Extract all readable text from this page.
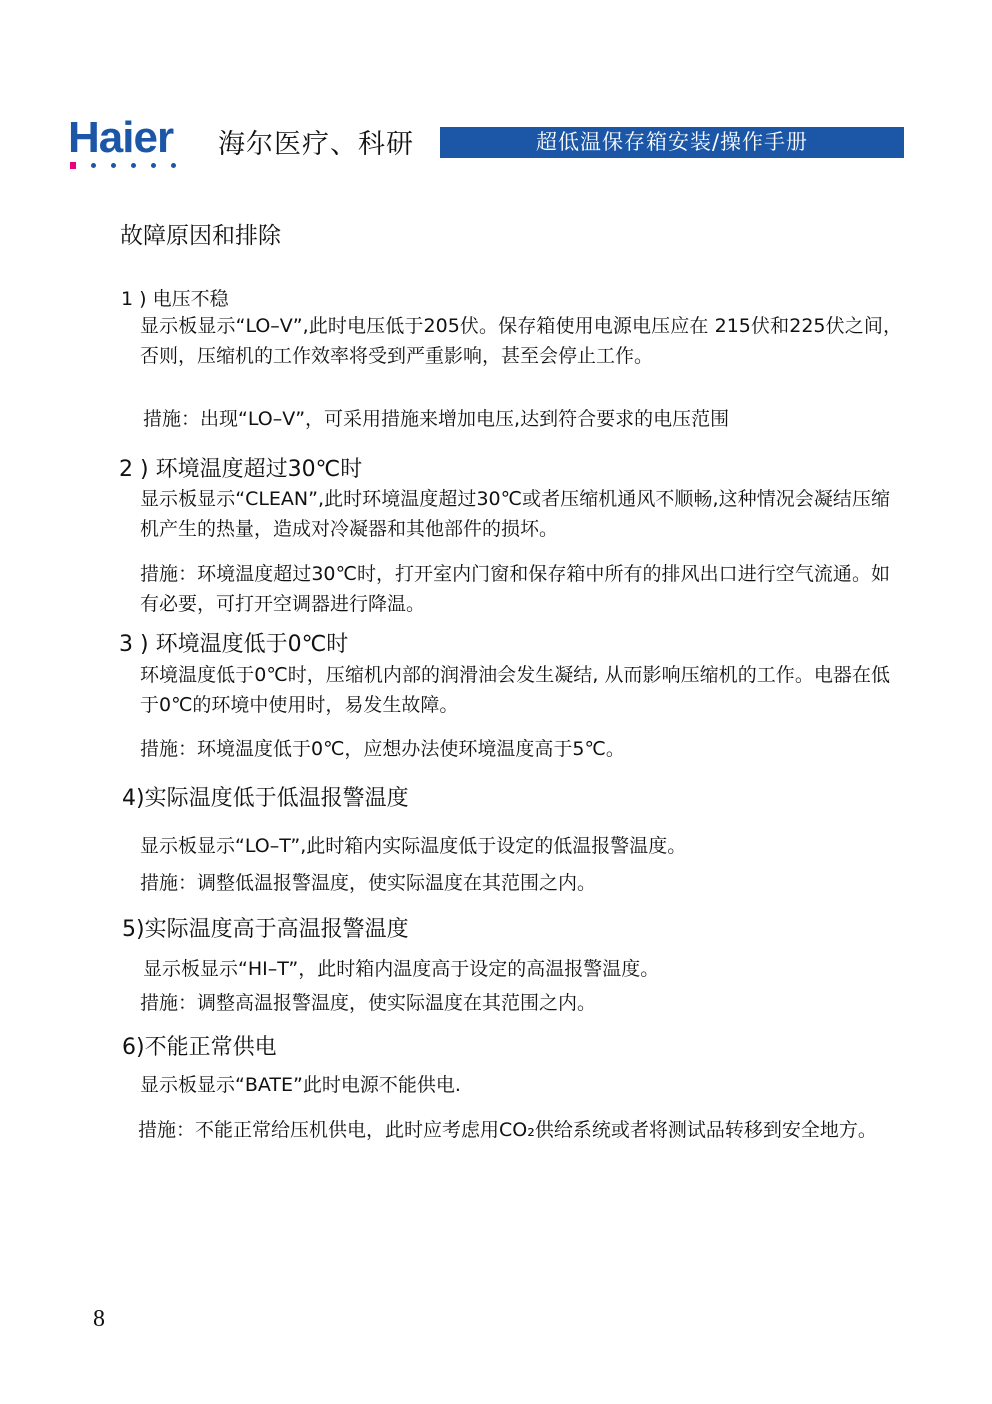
Haier 海尔医疗、科研	超低温保存箱安装/操作手册
故障原因和排除
1 ) 电压不稳
显示板显示“LO–V”,此时电压低于205伏。保存箱使用电源电压应在 215伏和225伏之间，否则，压缩机的工作效率将受到严重影响，甚至会停止工作。
措施：出现“LO–V”，可采用措施来增加电压,达到符合要求的电压范围
2 ) 环境温度超过30℃时
显示板显示“CLEAN”,此时环境温度超过30℃或者压缩机通风不顺畅,这种情况会凝结压缩机产生的热量，造成对冷凝器和其他部件的损坏。
措施：环境温度超过30℃时，打开室内门窗和保存箱中所有的排风出口进行空气流通。如有必要，可打开空调器进行降温。
3 ) 环境温度低于0℃时
环境温度低于0℃时，压缩机内部的润滑油会发生凝结, 从而影响压缩机的工作。电器在低于0℃的环境中使用时，易发生故障。
措施：环境温度低于0℃，应想办法使环境温度高于5℃。
4)实际温度低于低温报警温度
显示板显示“LO–T”,此时箱内实际温度低于设定的低温报警温度。
措施：调整低温报警温度，使实际温度在其范围之内。
5)实际温度高于高温报警温度
显示板显示“HI–T”，此时箱内温度高于设定的高温报警温度。
措施：调整高温报警温度，使实际温度在其范围之内。
6)不能正常供电
显示板显示“BATE”此时电源不能供电.
措施：不能正常给压机供电，此时应考虑用CO₂供给系统或者将测试品转移到安全地方。
8
